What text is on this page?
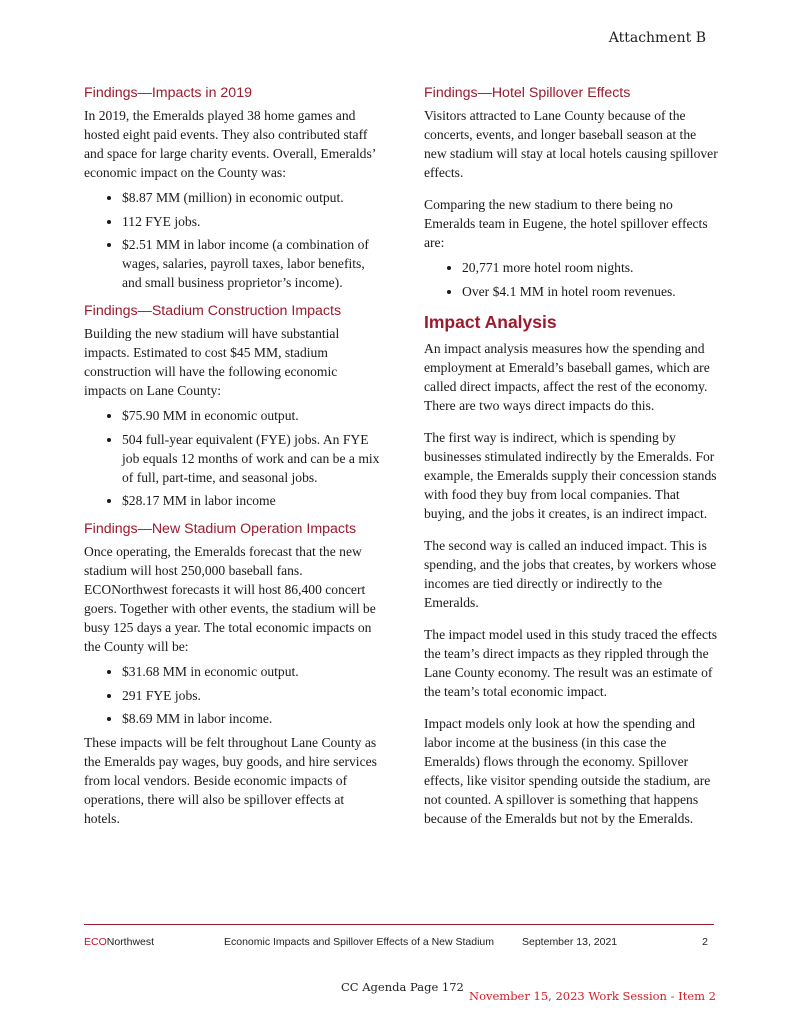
Attachment B
Findings—Impacts in 2019

In 2019, the Emeralds played 38 home games and hosted eight paid events. They also contributed staff and space for large charity events. Overall, Emeralds’ economic impact on the County was:

• $8.87 MM (million) in economic output.
• 112 FYE jobs.
• $2.51 MM in labor income (a combination of wages, salaries, payroll taxes, labor benefits, and small business proprietor’s income).
Findings—Stadium Construction Impacts

Building the new stadium will have substantial impacts. Estimated to cost $45 MM, stadium construction will have the following economic impacts on Lane County:

• $75.90 MM in economic output.
• 504 full-year equivalent (FYE) jobs. An FYE job equals 12 months of work and can be a mix of full, part-time, and seasonal jobs.
• $28.17 MM in labor income
Findings—New Stadium Operation Impacts

Once operating, the Emeralds forecast that the new stadium will host 250,000 baseball fans. ECONorthwest forecasts it will host 86,400 concert goers. Together with other events, the stadium will be busy 125 days a year. The total economic impacts on the County will be:

• $31.68 MM in economic output.
• 291 FYE jobs.
• $8.69 MM in labor income.

These impacts will be felt throughout Lane County as the Emeralds pay wages, buy goods, and hire services from local vendors. Beside economic impacts of operations, there will also be spillover effects at hotels.

Findings—Hotel Spillover Effects

Visitors attracted to Lane County because of the concerts, events, and longer baseball season at the new stadium will stay at local hotels causing spillover effects.

Comparing the new stadium to there being no Emeralds team in Eugene, the hotel spillover effects are:

• 20,771 more hotel room nights.
• Over $4.1 MM in hotel room revenues.
Impact Analysis

An impact analysis measures how the spending and employment at Emerald’s baseball games, which are called direct impacts, affect the rest of the economy. There are two ways direct impacts do this.

The first way is indirect, which is spending by businesses stimulated indirectly by the Emeralds. For example, the Emeralds supply their concession stands with food they buy from local companies. That buying, and the jobs it creates, is an indirect impact.

The second way is called an induced impact. This is spending, and the jobs that creates, by workers whose incomes are tied directly or indirectly to the Emeralds.

The impact model used in this study traced the effects the team’s direct impacts as they rippled through the Lane County economy. The result was an estimate of the team’s total economic impact.

Impact models only look at how the spending and labor income at the business (in this case the Emeralds) flows through the economy. Spillover effects, like visitor spending outside the stadium, are not counted. A spillover is something that happens because of the Emeralds but not by the Emeralds.

ECONorthwest	Economic Impacts and Spillover Effects of a New Stadium	September 13, 2021	2
CC Agenda Page 172
November 15, 2023 Work Session - Item 2
